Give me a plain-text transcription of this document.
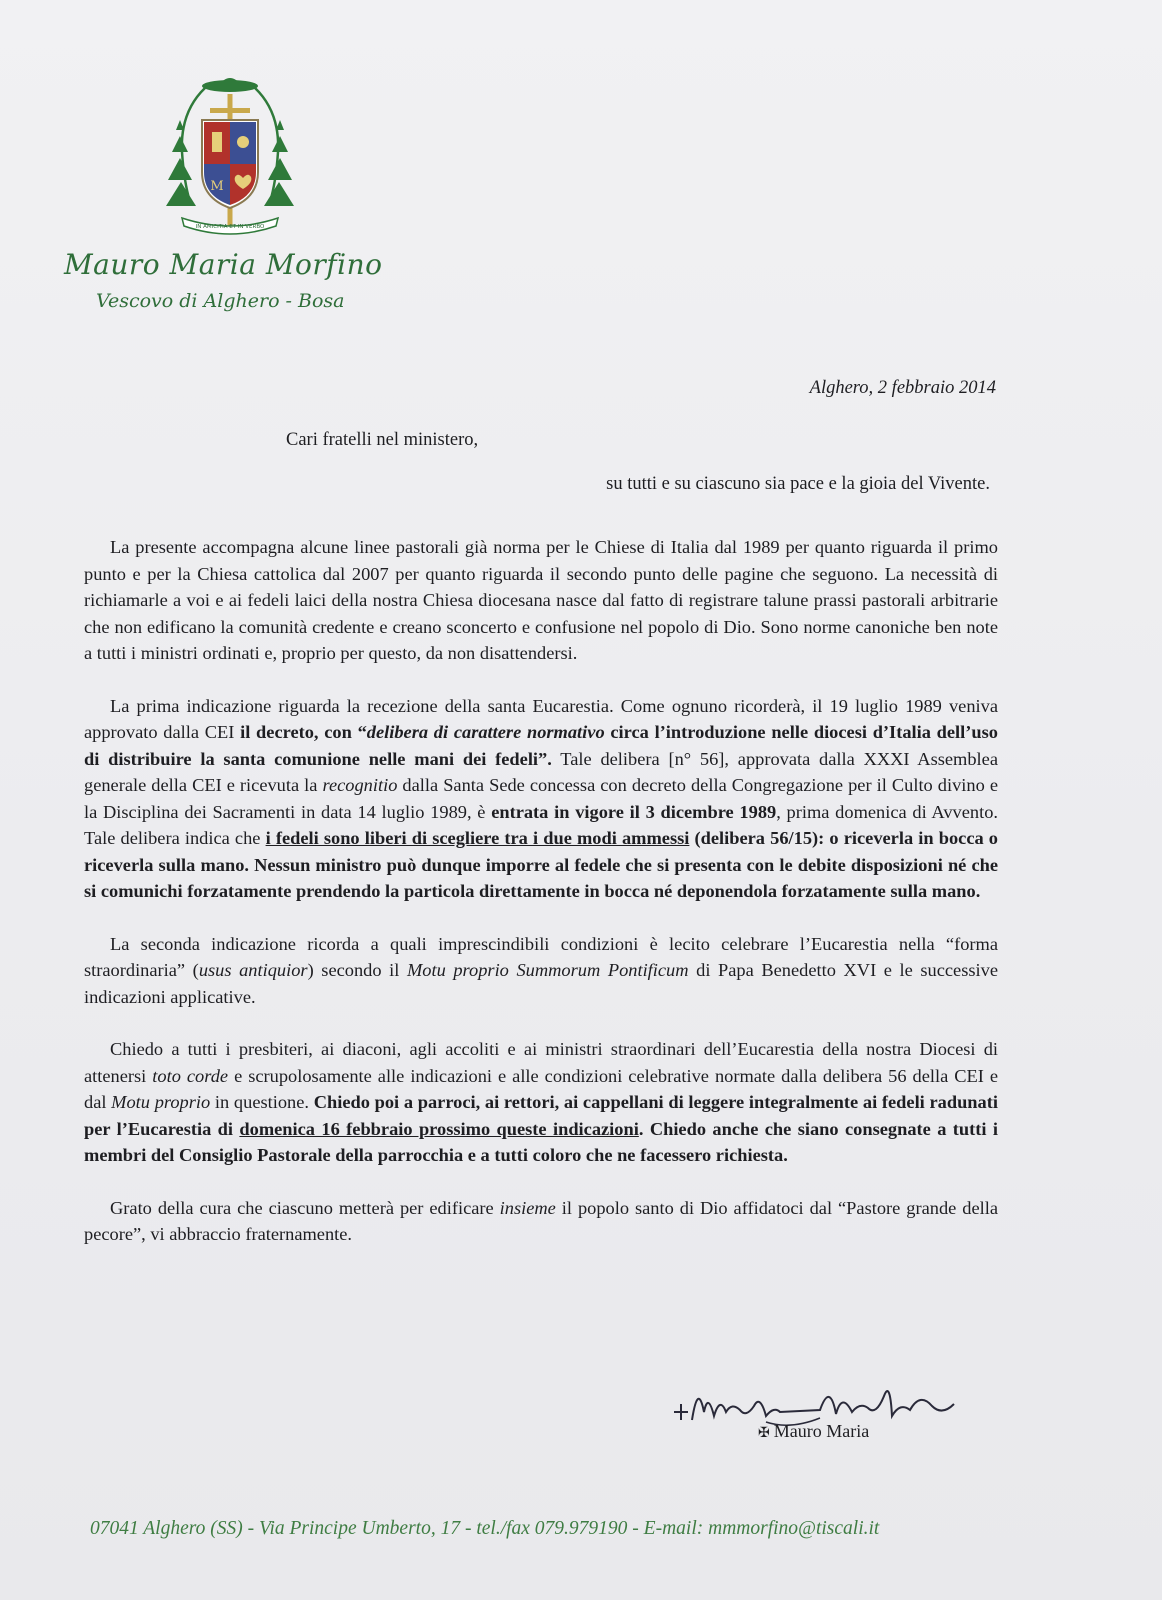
M
IN AMICITIA ET IN VERBO
Mauro Maria Morfino
Vescovo di Alghero - Bosa
Alghero, 2 febbraio 2014
Cari fratelli nel ministero,
su tutti e su ciascuno sia pace e la gioia del Vivente.

La presente accompagna alcune linee pastorali già norma per le Chiese di Italia dal 1989 per quanto riguarda il primo punto e per la Chiesa cattolica dal 2007 per quanto riguarda il secondo punto delle pagine che seguono. La necessità di richiamarle a voi e ai fedeli laici della nostra Chiesa diocesana nasce dal fatto di registrare talune prassi pastorali arbitrarie che non edificano la comunità credente e creano sconcerto e confusione nel popolo di Dio. Sono norme canoniche ben note a tutti i ministri ordinati e, proprio per questo, da non disattendersi.

La prima indicazione riguarda la recezione della santa Eucarestia. Come ognuno ricorderà, il 19 luglio 1989 veniva approvato dalla CEI il decreto, con “delibera di carattere normativo circa l’introduzione nelle diocesi d’Italia dell’uso di distribuire la santa comunione nelle mani dei fedeli”. Tale delibera [n° 56], approvata dalla XXXI Assemblea generale della CEI e ricevuta la recognitio dalla Santa Sede concessa con decreto della Congregazione per il Culto divino e la Disciplina dei Sacramenti in data 14 luglio 1989, è entrata in vigore il 3 dicembre 1989, prima domenica di Avvento. Tale delibera indica che i fedeli sono liberi di scegliere tra i due modi ammessi (delibera 56/15): o riceverla in bocca o riceverla sulla mano. Nessun ministro può dunque imporre al fedele che si presenta con le debite disposizioni né che si comunichi forzatamente prendendo la particola direttamente in bocca né deponendola forzatamente sulla mano.

La seconda indicazione ricorda a quali imprescindibili condizioni è lecito celebrare l’Eucarestia nella “forma straordinaria” (usus antiquior) secondo il Motu proprio Summorum Pontificum di Papa Benedetto XVI e le successive indicazioni applicative.

Chiedo a tutti i presbiteri, ai diaconi, agli accoliti e ai ministri straordinari dell’Eucarestia della nostra Diocesi di attenersi toto corde e scrupolosamente alle indicazioni e alle condizioni celebrative normate dalla delibera 56 della CEI e dal Motu proprio in questione. Chiedo poi a parroci, ai rettori, ai cappellani di leggere integralmente ai fedeli radunati per l’Eucarestia di domenica 16 febbraio prossimo queste indicazioni. Chiedo anche che siano consegnate a tutti i membri del Consiglio Pastorale della parrocchia e a tutti coloro che ne facessero richiesta.

Grato della cura che ciascuno metterà per edificare insieme il popolo santo di Dio affidatoci dal “Pastore grande della pecore”, vi abbraccio fraternamente.

✠ Mauro Maria
07041 Alghero (SS) - Via Principe Umberto, 17 - tel./fax 079.979190 - E-mail: mmmorfino@tiscali.it
